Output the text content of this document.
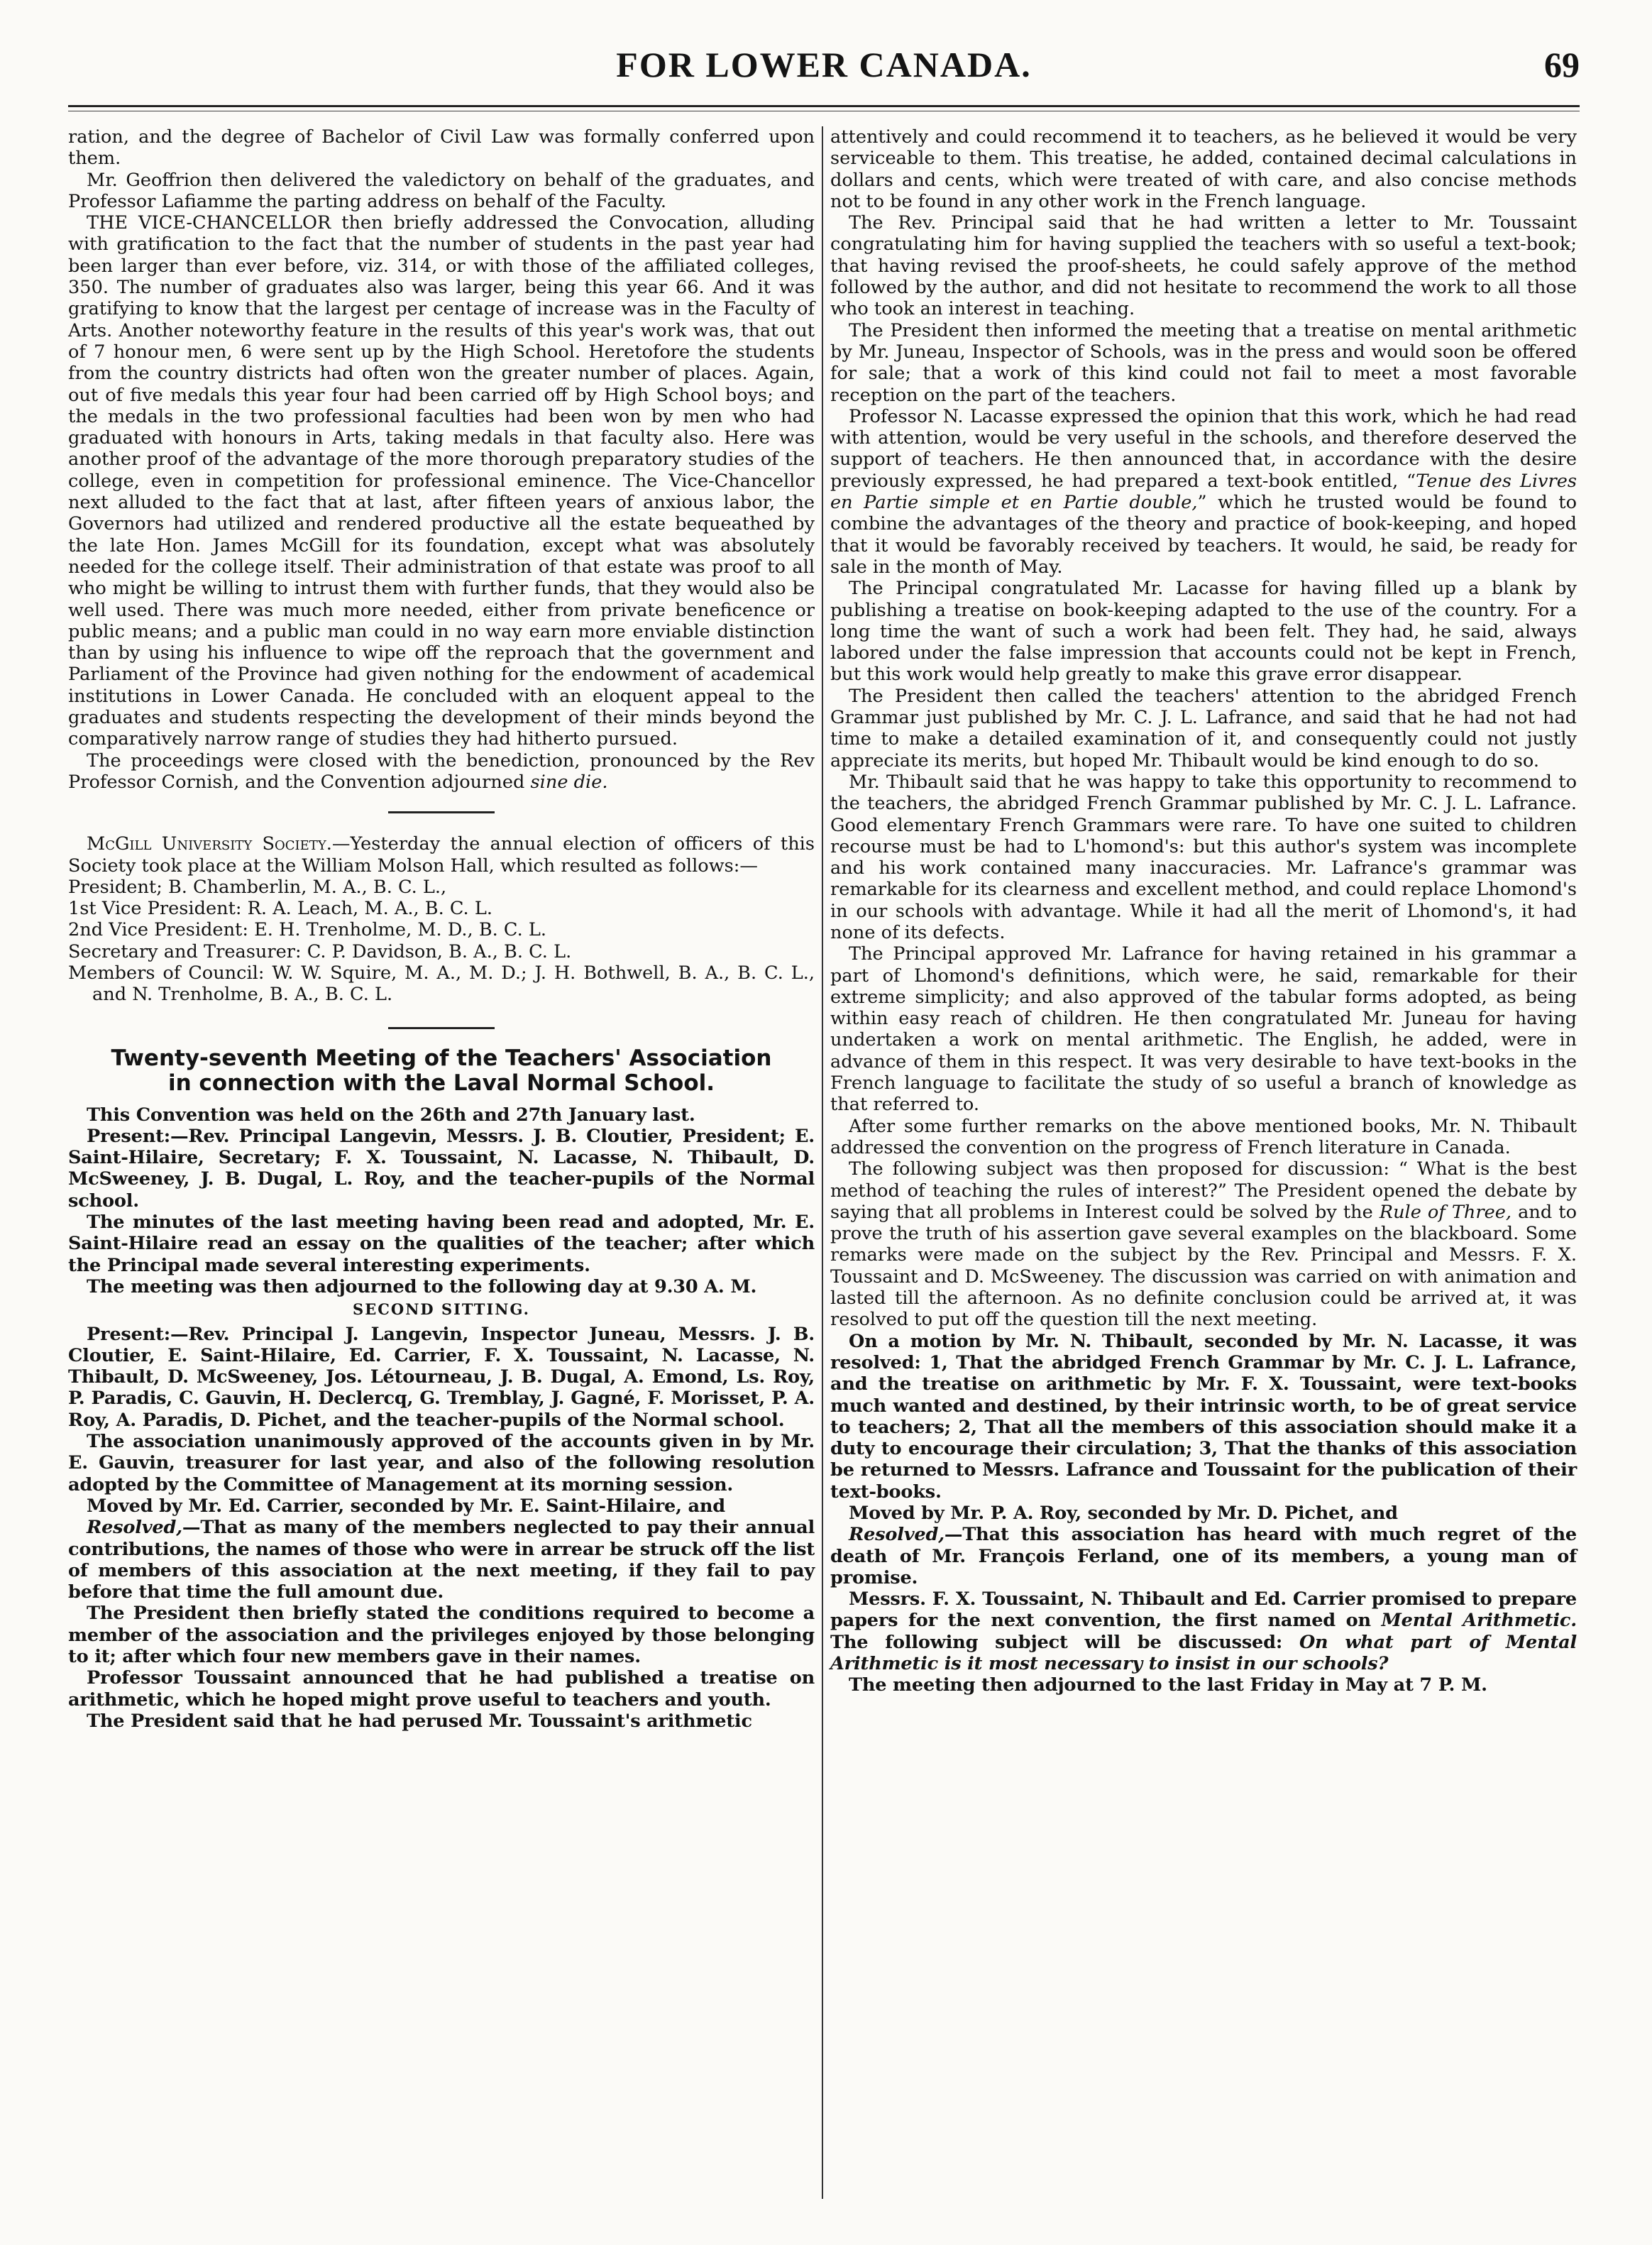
FOR LOWER CANADA.	69

ration, and the degree of Bachelor of Civil Law was formally conferred upon them.

Mr. Geoffrion then delivered the valedictory on behalf of the graduates, and Professor Lafiamme the parting address on behalf of the Faculty.

THE VICE-CHANCELLOR then briefly addressed the Convocation, alluding with gratification to the fact that the number of students in the past year had been larger than ever before, viz. 314, or with those of the affiliated colleges, 350. The number of graduates also was larger, being this year 66. And it was gratifying to know that the largest per centage of increase was in the Faculty of Arts. Another noteworthy feature in the results of this year's work was, that out of 7 honour men, 6 were sent up by the High School. Heretofore the students from the country districts had often won the greater number of places. Again, out of five medals this year four had been carried off by High School boys; and the medals in the two professional faculties had been won by men who had graduated with honours in Arts, taking medals in that faculty also. Here was another proof of the advantage of the more thorough preparatory studies of the college, even in competition for professional eminence. The Vice-Chancellor next alluded to the fact that at last, after fifteen years of anxious labor, the Governors had utilized and rendered productive all the estate bequeathed by the late Hon. James McGill for its foundation, except what was absolutely needed for the college itself. Their administration of that estate was proof to all who might be willing to intrust them with further funds, that they would also be well used. There was much more needed, either from private beneficence or public means; and a public man could in no way earn more enviable distinction than by using his influence to wipe off the reproach that the government and Parliament of the Province had given nothing for the endowment of academical institutions in Lower Canada. He concluded with an eloquent appeal to the graduates and students respecting the development of their minds beyond the comparatively narrow range of studies they had hitherto pursued.

The proceedings were closed with the benediction, pronounced by the Rev Professor Cornish, and the Convention adjourned sine die.

McGill University Society.—Yesterday the annual election of officers of this Society took place at the William Molson Hall, which resulted as follows:—

President; B. Chamberlin, M. A., B. C. L.,

1st Vice President: R. A. Leach, M. A., B. C. L.

2nd Vice President: E. H. Trenholme, M. D., B. C. L.

Secretary and Treasurer: C. P. Davidson, B. A., B. C. L.

Members of Council: W. W. Squire, M. A., M. D.; J. H. Bothwell, B. A., B. C. L., and N. Trenholme, B. A., B. C. L.

Twenty-seventh Meeting of the Teachers' Association
in connection with the Laval Normal School.

This Convention was held on the 26th and 27th January last.

Present:—Rev. Principal Langevin, Messrs. J. B. Cloutier, President; E. Saint-Hilaire, Secretary; F. X. Toussaint, N. Lacasse, N. Thibault, D. McSweeney, J. B. Dugal, L. Roy, and the teacher-pupils of the Normal school.

The minutes of the last meeting having been read and adopted, Mr. E. Saint-Hilaire read an essay on the qualities of the teacher; after which the Principal made several interesting experiments.

The meeting was then adjourned to the following day at 9.30 A. M.

SECOND SITTING.

Present:—Rev. Principal J. Langevin, Inspector Juneau, Messrs. J. B. Cloutier, E. Saint-Hilaire, Ed. Carrier, F. X. Toussaint, N. Lacasse, N. Thibault, D. McSweeney, Jos. Létourneau, J. B. Dugal, A. Emond, Ls. Roy, P. Paradis, C. Gauvin, H. Declercq, G. Tremblay, J. Gagné, F. Morisset, P. A. Roy, A. Paradis, D. Pichet, and the teacher-pupils of the Normal school.

The association unanimously approved of the accounts given in by Mr. E. Gauvin, treasurer for last year, and also of the following resolution adopted by the Committee of Management at its morning session.

Moved by Mr. Ed. Carrier, seconded by Mr. E. Saint-Hilaire, and

Resolved,—That as many of the members neglected to pay their annual contributions, the names of those who were in arrear be struck off the list of members of this association at the next meeting, if they fail to pay before that time the full amount due.

The President then briefly stated the conditions required to become a member of the association and the privileges enjoyed by those belonging to it; after which four new members gave in their names.

Professor Toussaint announced that he had published a treatise on arithmetic, which he hoped might prove useful to teachers and youth.

The President said that he had perused Mr. Toussaint's arithmetic

attentively and could recommend it to teachers, as he believed it would be very serviceable to them. This treatise, he added, contained decimal calculations in dollars and cents, which were treated of with care, and also concise methods not to be found in any other work in the French language.

The Rev. Principal said that he had written a letter to Mr. Toussaint congratulating him for having supplied the teachers with so useful a text-book; that having revised the proof-sheets, he could safely approve of the method followed by the author, and did not hesitate to recommend the work to all those who took an interest in teaching.

The President then informed the meeting that a treatise on mental arithmetic by Mr. Juneau, Inspector of Schools, was in the press and would soon be offered for sale; that a work of this kind could not fail to meet a most favorable reception on the part of the teachers.

Professor N. Lacasse expressed the opinion that this work, which he had read with attention, would be very useful in the schools, and therefore deserved the support of teachers. He then announced that, in accordance with the desire previously expressed, he had prepared a text-book entitled, “Tenue des Livres en Partie simple et en Partie double,” which he trusted would be found to combine the advantages of the theory and practice of book-keeping, and hoped that it would be favorably received by teachers. It would, he said, be ready for sale in the month of May.

The Principal congratulated Mr. Lacasse for having filled up a blank by publishing a treatise on book-keeping adapted to the use of the country. For a long time the want of such a work had been felt. They had, he said, always labored under the false impression that accounts could not be kept in French, but this work would help greatly to make this grave error disappear.

The President then called the teachers' attention to the abridged French Grammar just published by Mr. C. J. L. Lafrance, and said that he had not had time to make a detailed examination of it, and consequently could not justly appreciate its merits, but hoped Mr. Thibault would be kind enough to do so.

Mr. Thibault said that he was happy to take this opportunity to recommend to the teachers, the abridged French Grammar published by Mr. C. J. L. Lafrance. Good elementary French Grammars were rare. To have one suited to children recourse must be had to L'homond's: but this author's system was incomplete and his work contained many inaccuracies. Mr. Lafrance's grammar was remarkable for its clearness and excellent method, and could replace Lhomond's in our schools with advantage. While it had all the merit of Lhomond's, it had none of its defects.

The Principal approved Mr. Lafrance for having retained in his grammar a part of Lhomond's definitions, which were, he said, remarkable for their extreme simplicity; and also approved of the tabular forms adopted, as being within easy reach of children. He then congratulated Mr. Juneau for having undertaken a work on mental arithmetic. The English, he added, were in advance of them in this respect. It was very desirable to have text-books in the French language to facilitate the study of so useful a branch of knowledge as that referred to.

After some further remarks on the above mentioned books, Mr. N. Thibault addressed the convention on the progress of French literature in Canada.

The following subject was then proposed for discussion: “ What is the best method of teaching the rules of interest?” The President opened the debate by saying that all problems in Interest could be solved by the Rule of Three, and to prove the truth of his assertion gave several examples on the blackboard. Some remarks were made on the subject by the Rev. Principal and Messrs. F. X. Toussaint and D. McSweeney. The discussion was carried on with animation and lasted till the afternoon. As no definite conclusion could be arrived at, it was resolved to put off the question till the next meeting.

On a motion by Mr. N. Thibault, seconded by Mr. N. Lacasse, it was resolved: 1, That the abridged French Grammar by Mr. C. J. L. Lafrance, and the treatise on arithmetic by Mr. F. X. Toussaint, were text-books much wanted and destined, by their intrinsic worth, to be of great service to teachers; 2, That all the members of this association should make it a duty to encourage their circulation; 3, That the thanks of this association be returned to Messrs. Lafrance and Toussaint for the publication of their text-books.

Moved by Mr. P. A. Roy, seconded by Mr. D. Pichet, and

Resolved,—That this association has heard with much regret of the death of Mr. François Ferland, one of its members, a young man of promise.

Messrs. F. X. Toussaint, N. Thibault and Ed. Carrier promised to prepare papers for the next convention, the first named on Mental Arithmetic. The following subject will be discussed: On what part of Mental Arithmetic is it most necessary to insist in our schools?

The meeting then adjourned to the last Friday in May at 7 P. M.
